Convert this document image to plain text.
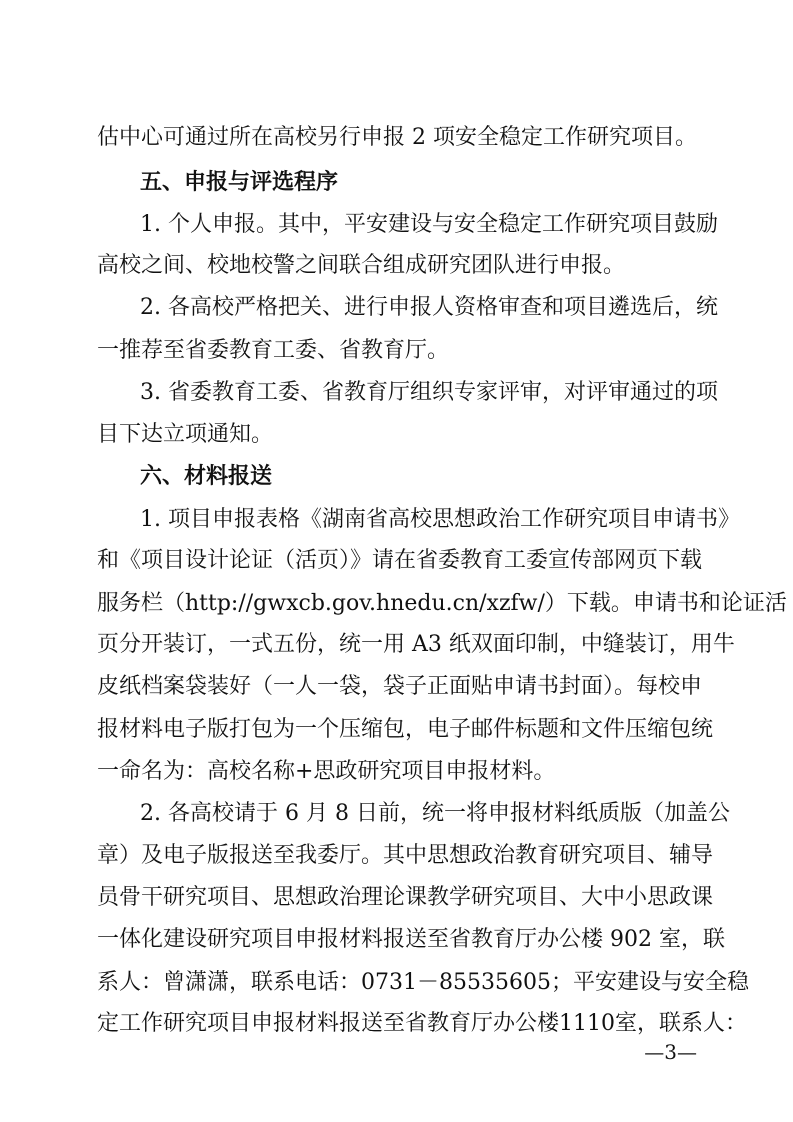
估中心可通过所在高校另行申报 2 项安全稳定工作研究项目。
五、申报与评选程序
1. 个人申报。其中，平安建设与安全稳定工作研究项目鼓励
高校之间、校地校警之间联合组成研究团队进行申报。
2. 各高校严格把关、进行申报人资格审查和项目遴选后，统
一推荐至省委教育工委、省教育厅。
3. 省委教育工委、省教育厅组织专家评审，对评审通过的项
目下达立项通知。
六、材料报送
1. 项目申报表格《湖南省高校思想政治工作研究项目申请书》
和《项目设计论证（活页）》请在省委教育工委宣传部网页下载
服务栏（http://gwxcb.gov.hnedu.cn/xzfw/）下载。申请书和论证活
页分开装订，一式五份，统一用 A3 纸双面印制，中缝装订，用牛
皮纸档案袋装好（一人一袋，袋子正面贴申请书封面）。每校申
报材料电子版打包为一个压缩包，电子邮件标题和文件压缩包统
一命名为：高校名称+思政研究项目申报材料。
2. 各高校请于 6 月 8 日前，统一将申报材料纸质版（加盖公
章）及电子版报送至我委厅。其中思想政治教育研究项目、辅导
员骨干研究项目、思想政治理论课教学研究项目、大中小思政课
一体化建设研究项目申报材料报送至省教育厅办公楼 902 室，联
系人：曾潇潇，联系电话：0731－85535605；平安建设与安全稳
定工作研究项目申报材料报送至省教育厅办公楼1110室，联系人：
—3—
